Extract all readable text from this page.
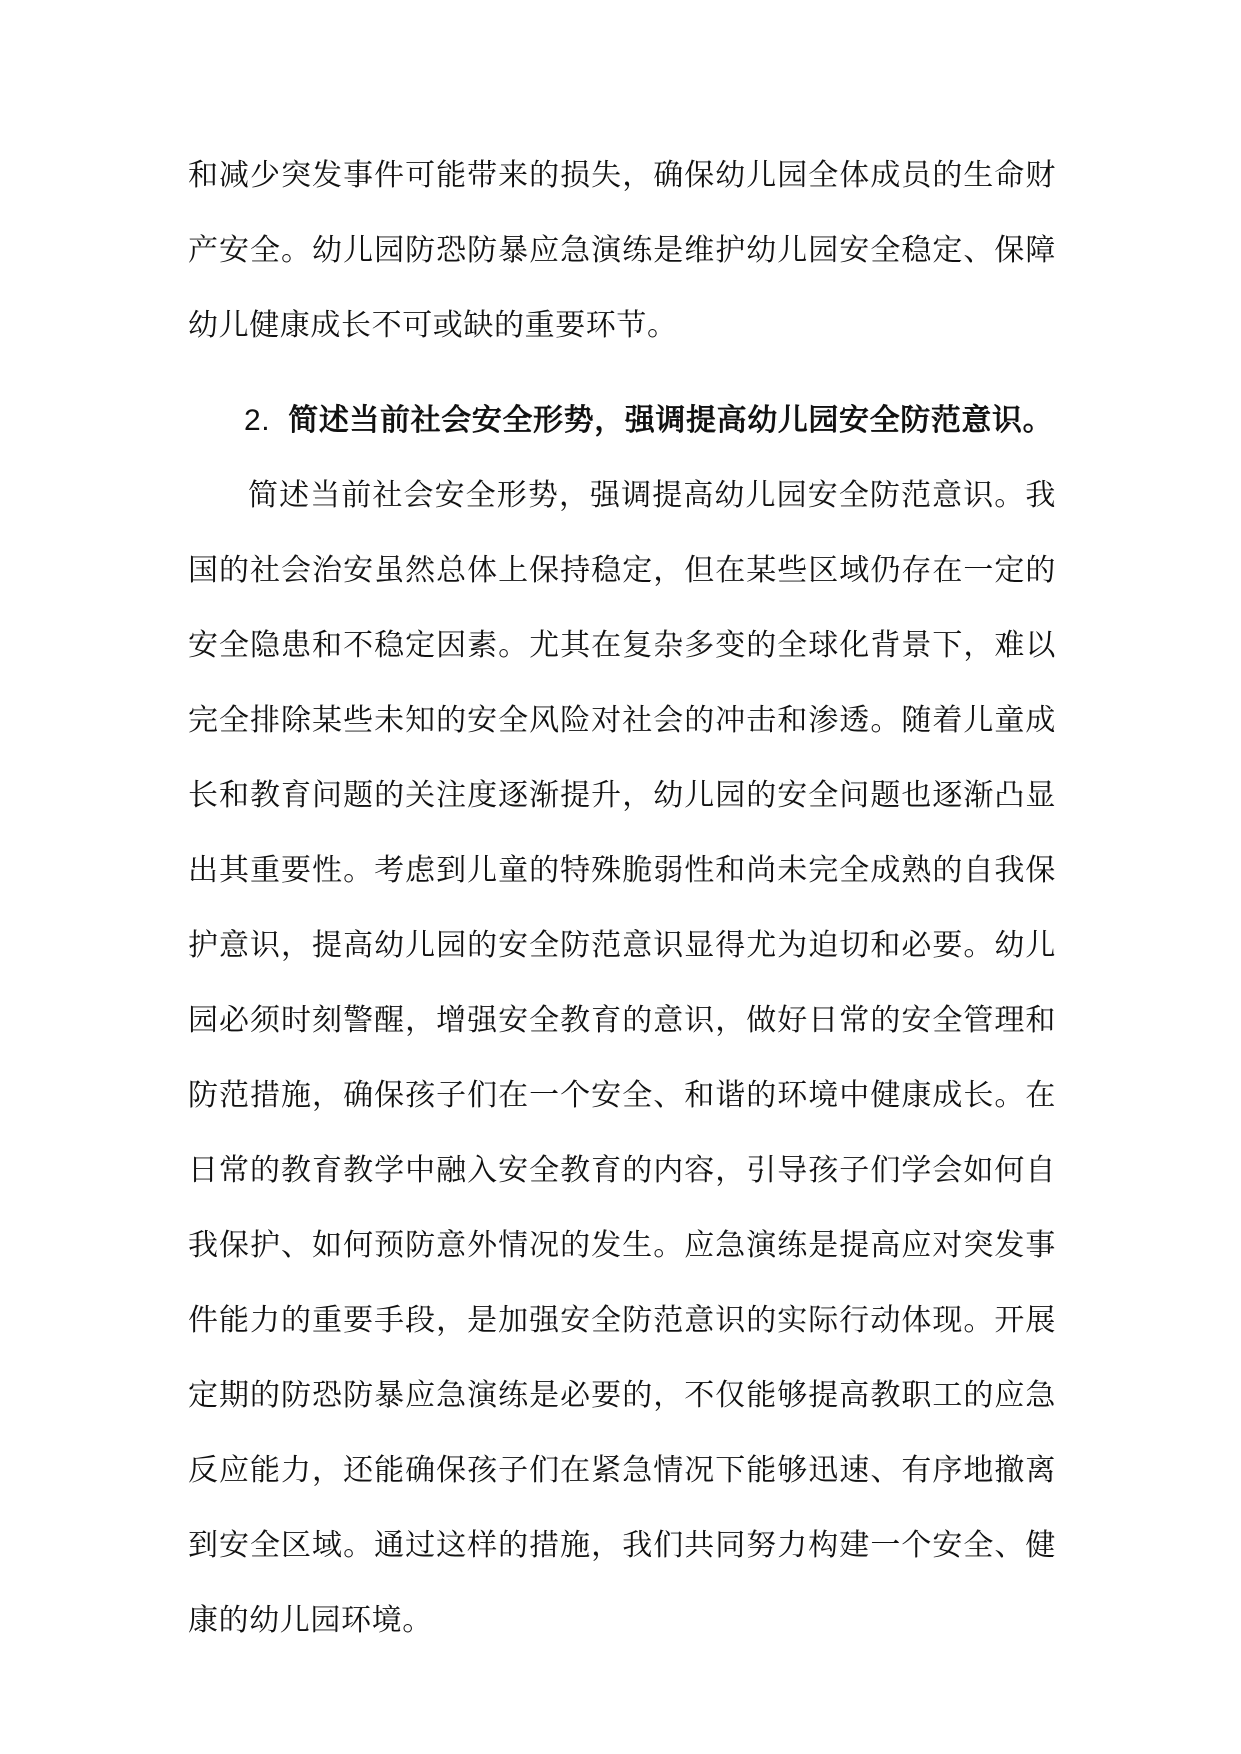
和减少突发事件可能带来的损失，确保幼儿园全体成员的生命财产安全。幼儿园防恐防暴应急演练是维护幼儿园安全稳定、保障幼儿健康成长不可或缺的重要环节。

2. 简述当前社会安全形势，强调提高幼儿园安全防范意识。

简述当前社会安全形势，强调提高幼儿园安全防范意识。我国的社会治安虽然总体上保持稳定，但在某些区域仍存在一定的安全隐患和不稳定因素。尤其在复杂多变的全球化背景下，难以完全排除某些未知的安全风险对社会的冲击和渗透。随着儿童成长和教育问题的关注度逐渐提升，幼儿园的安全问题也逐渐凸显出其重要性。考虑到儿童的特殊脆弱性和尚未完全成熟的自我保护意识，提高幼儿园的安全防范意识显得尤为迫切和必要。幼儿园必须时刻警醒，增强安全教育的意识，做好日常的安全管理和防范措施，确保孩子们在一个安全、和谐的环境中健康成长。在日常的教育教学中融入安全教育的内容，引导孩子们学会如何自我保护、如何预防意外情况的发生。应急演练是提高应对突发事件能力的重要手段，是加强安全防范意识的实际行动体现。开展定期的防恐防暴应急演练是必要的，不仅能够提高教职工的应急反应能力，还能确保孩子们在紧急情况下能够迅速、有序地撤离到安全区域。通过这样的措施，我们共同努力构建一个安全、健康的幼儿园环境。
